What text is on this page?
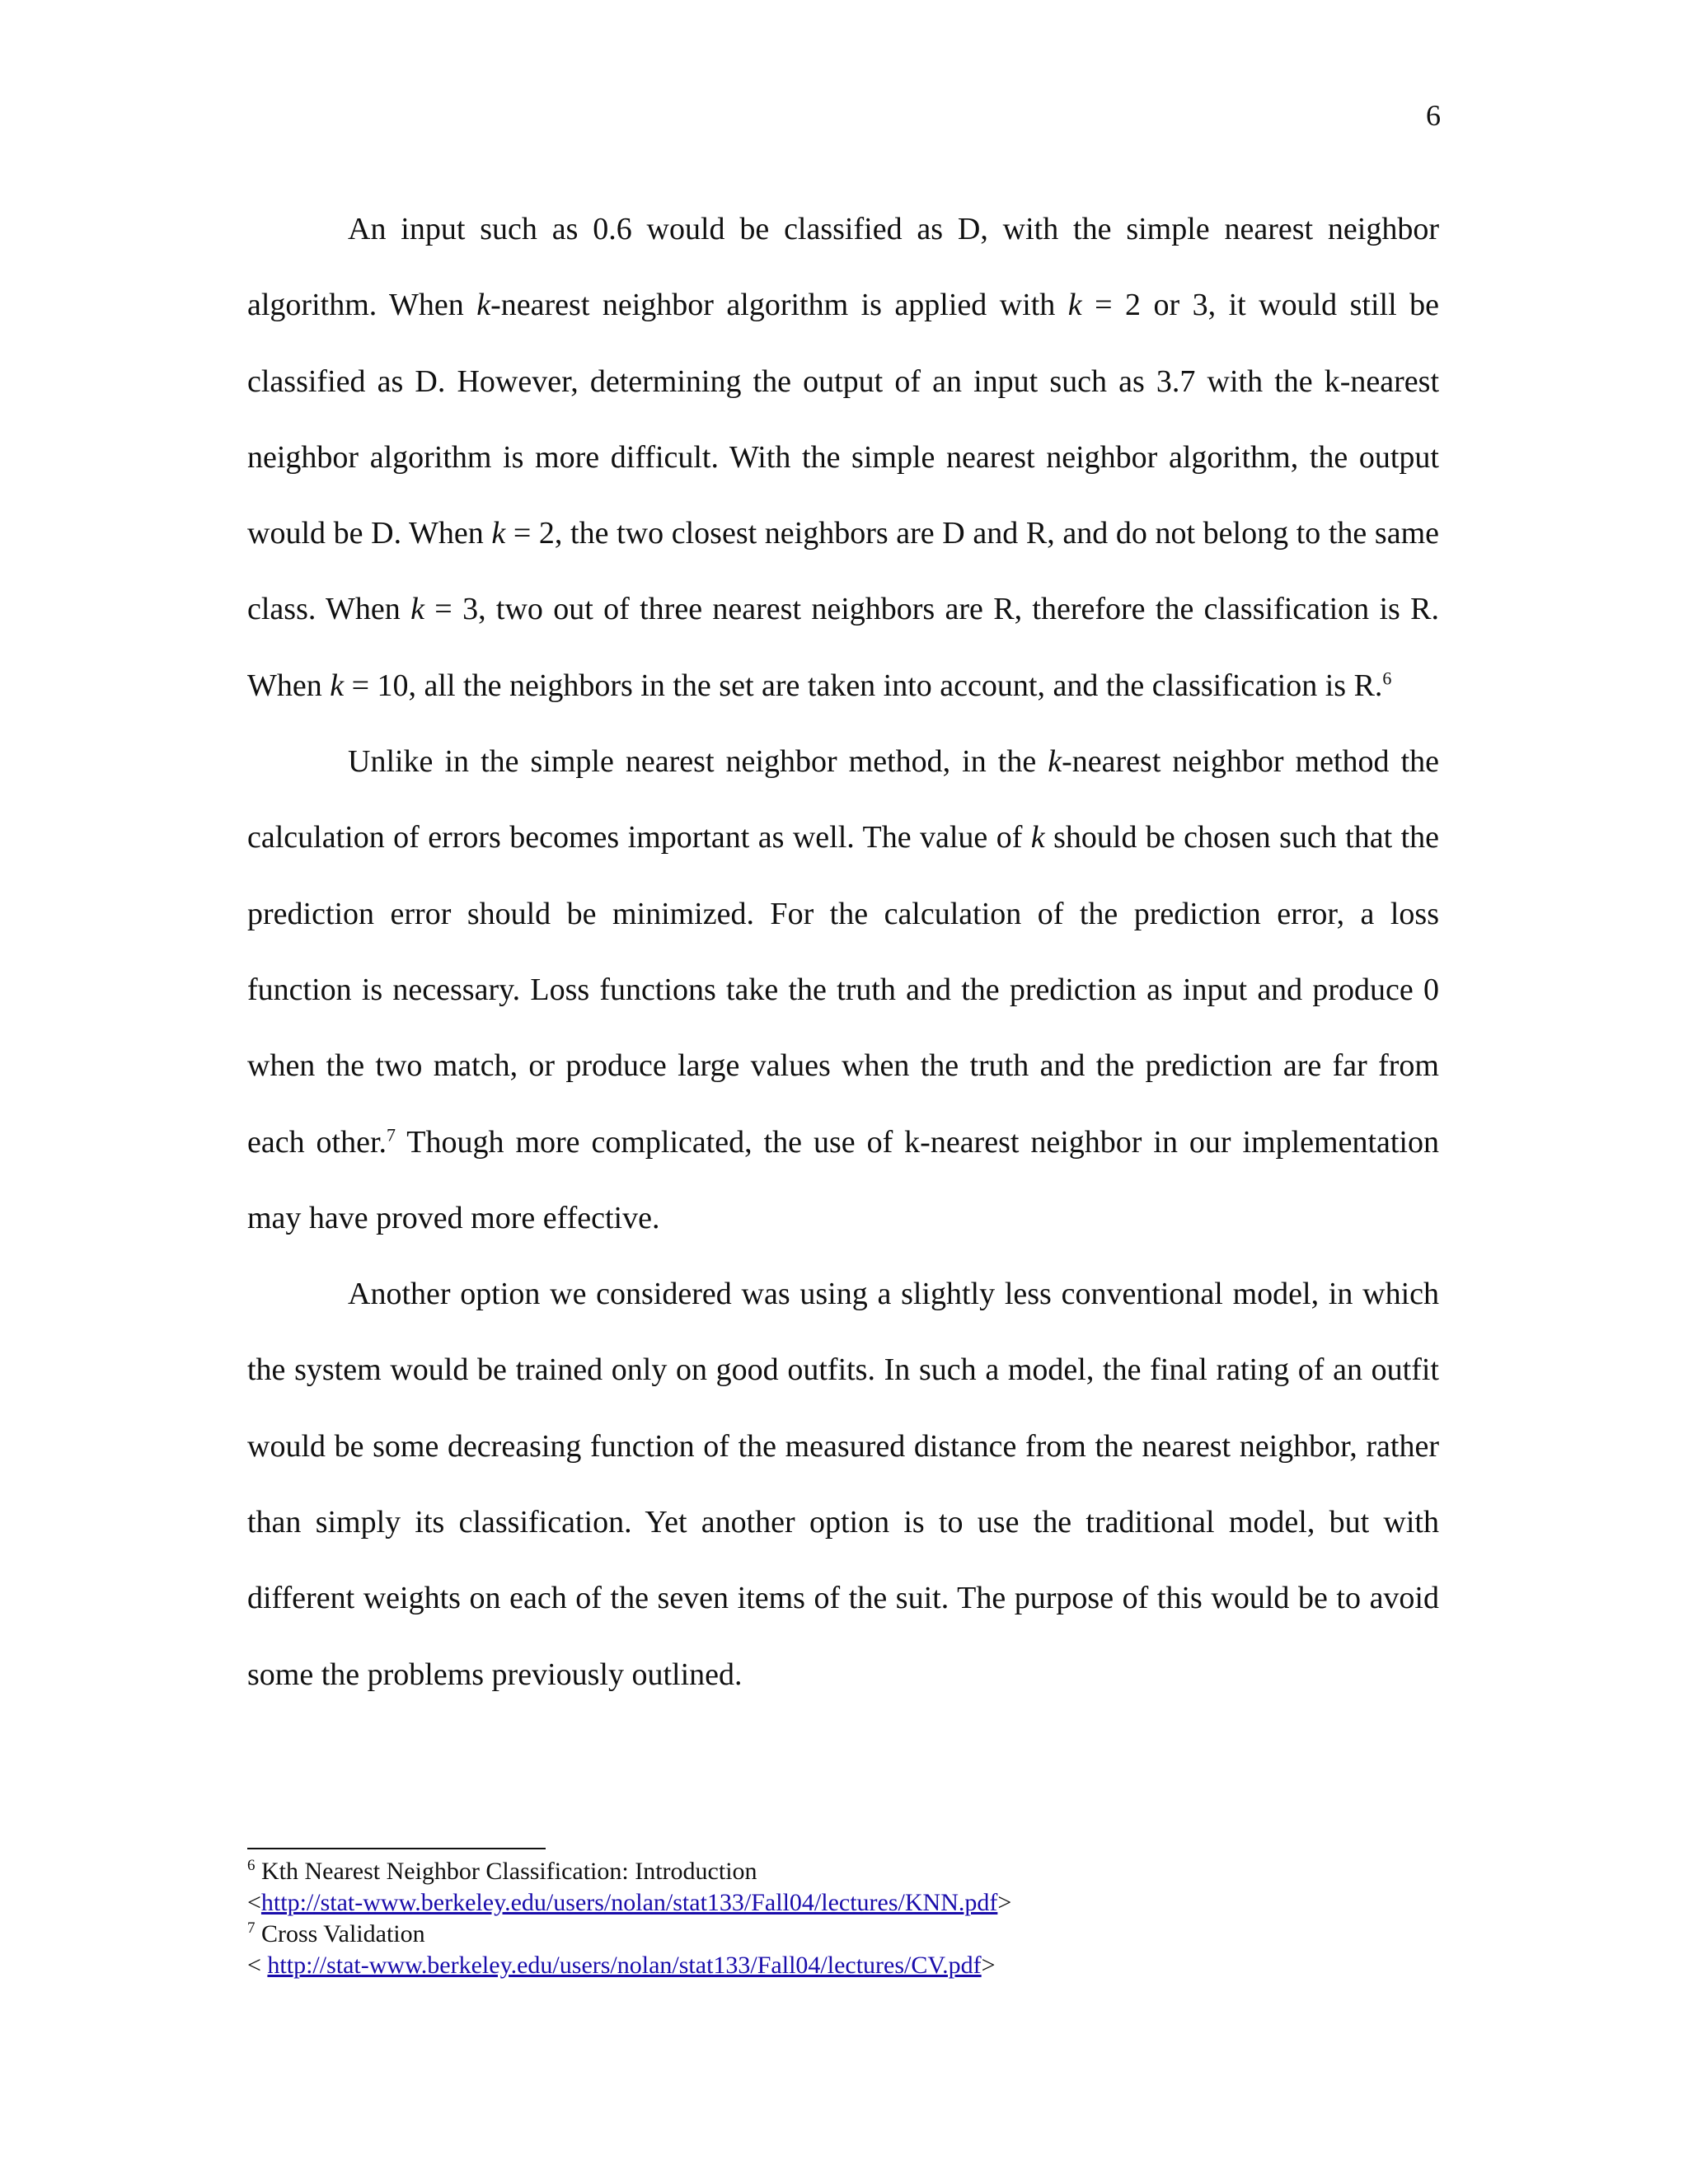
6

An input such as 0.6 would be classified as D, with the simple nearest neighbor algorithm. When k-nearest neighbor algorithm is applied with k = 2 or 3, it would still be classified as D. However, determining the output of an input such as 3.7 with the k-nearest neighbor algorithm is more difficult. With the simple nearest neighbor algorithm, the output would be D. When k = 2, the two closest neighbors are D and R, and do not belong to the same class. When k = 3, two out of three nearest neighbors are R, therefore the classification is R. When k = 10, all the neighbors in the set are taken into account, and the classification is R.$^6$

Unlike in the simple nearest neighbor method, in the k-nearest neighbor method the calculation of errors becomes important as well. The value of k should be chosen such that the prediction error should be minimized. For the calculation of the prediction error, a loss function is necessary. Loss functions take the truth and the prediction as input and produce 0 when the two match, or produce large values when the truth and the prediction are far from each other.$^7$ Though more complicated, the use of k-nearest neighbor in our implementation may have proved more effective.

Another option we considered was using a slightly less conventional model, in which the system would be trained only on good outfits. In such a model, the final rating of an outfit would be some decreasing function of the measured distance from the nearest neighbor, rather than simply its classification. Yet another option is to use the traditional model, but with different weights on each of the seven items of the suit. The purpose of this would be to avoid some the problems previously outlined.

$^6$ Kth Nearest Neighbor Classification: Introduction
<http://stat-www.berkeley.edu/users/nolan/stat133/Fall04/lectures/KNN.pdf>
$^7$ Cross Validation
< http://stat-www.berkeley.edu/users/nolan/stat133/Fall04/lectures/CV.pdf>
